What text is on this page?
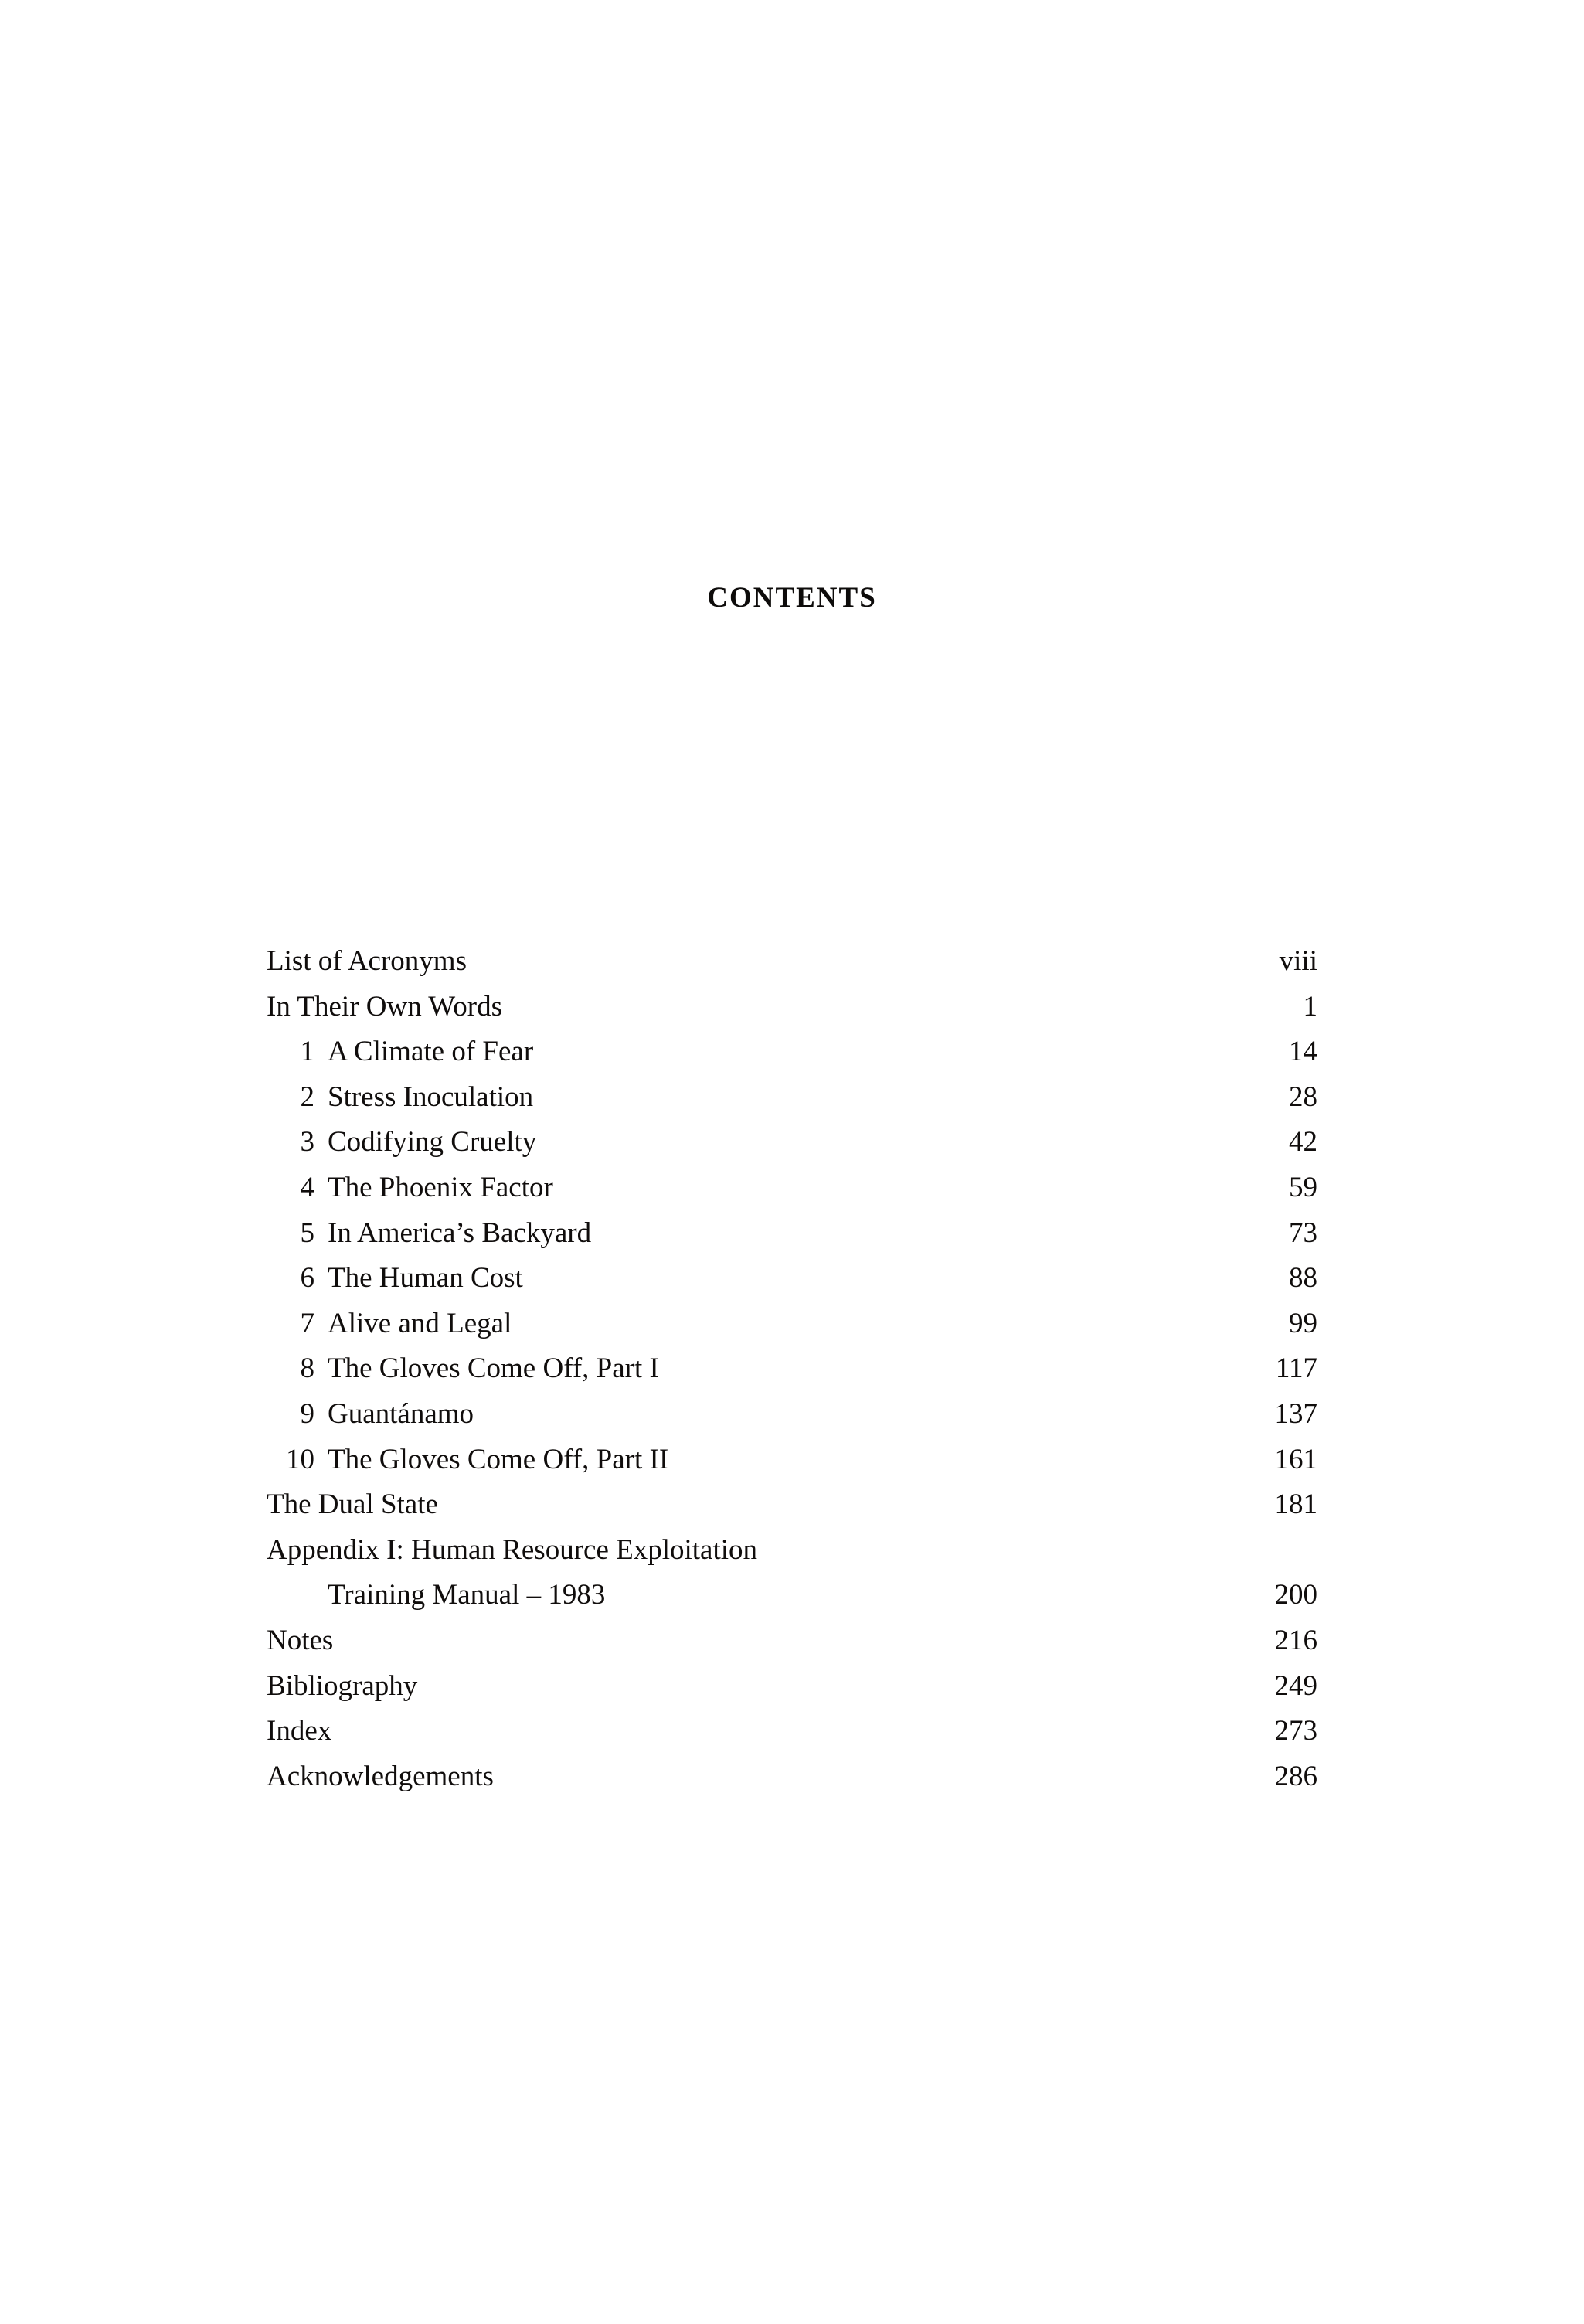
CONTENTS
List of Acronyms	viii
In Their Own Words	1
1 A Climate of Fear	14
2 Stress Inoculation	28
3 Codifying Cruelty	42
4 The Phoenix Factor	59
5 In America’s Backyard	73
6 The Human Cost	88
7 Alive and Legal	99
8 The Gloves Come Off, Part I	117
9 Guantánamo	137
10 The Gloves Come Off, Part II	161
The Dual State	181
Appendix I: Human Resource Exploitation
Training Manual – 1983	200
Notes	216
Bibliography	249
Index	273
Acknowledgements	286
